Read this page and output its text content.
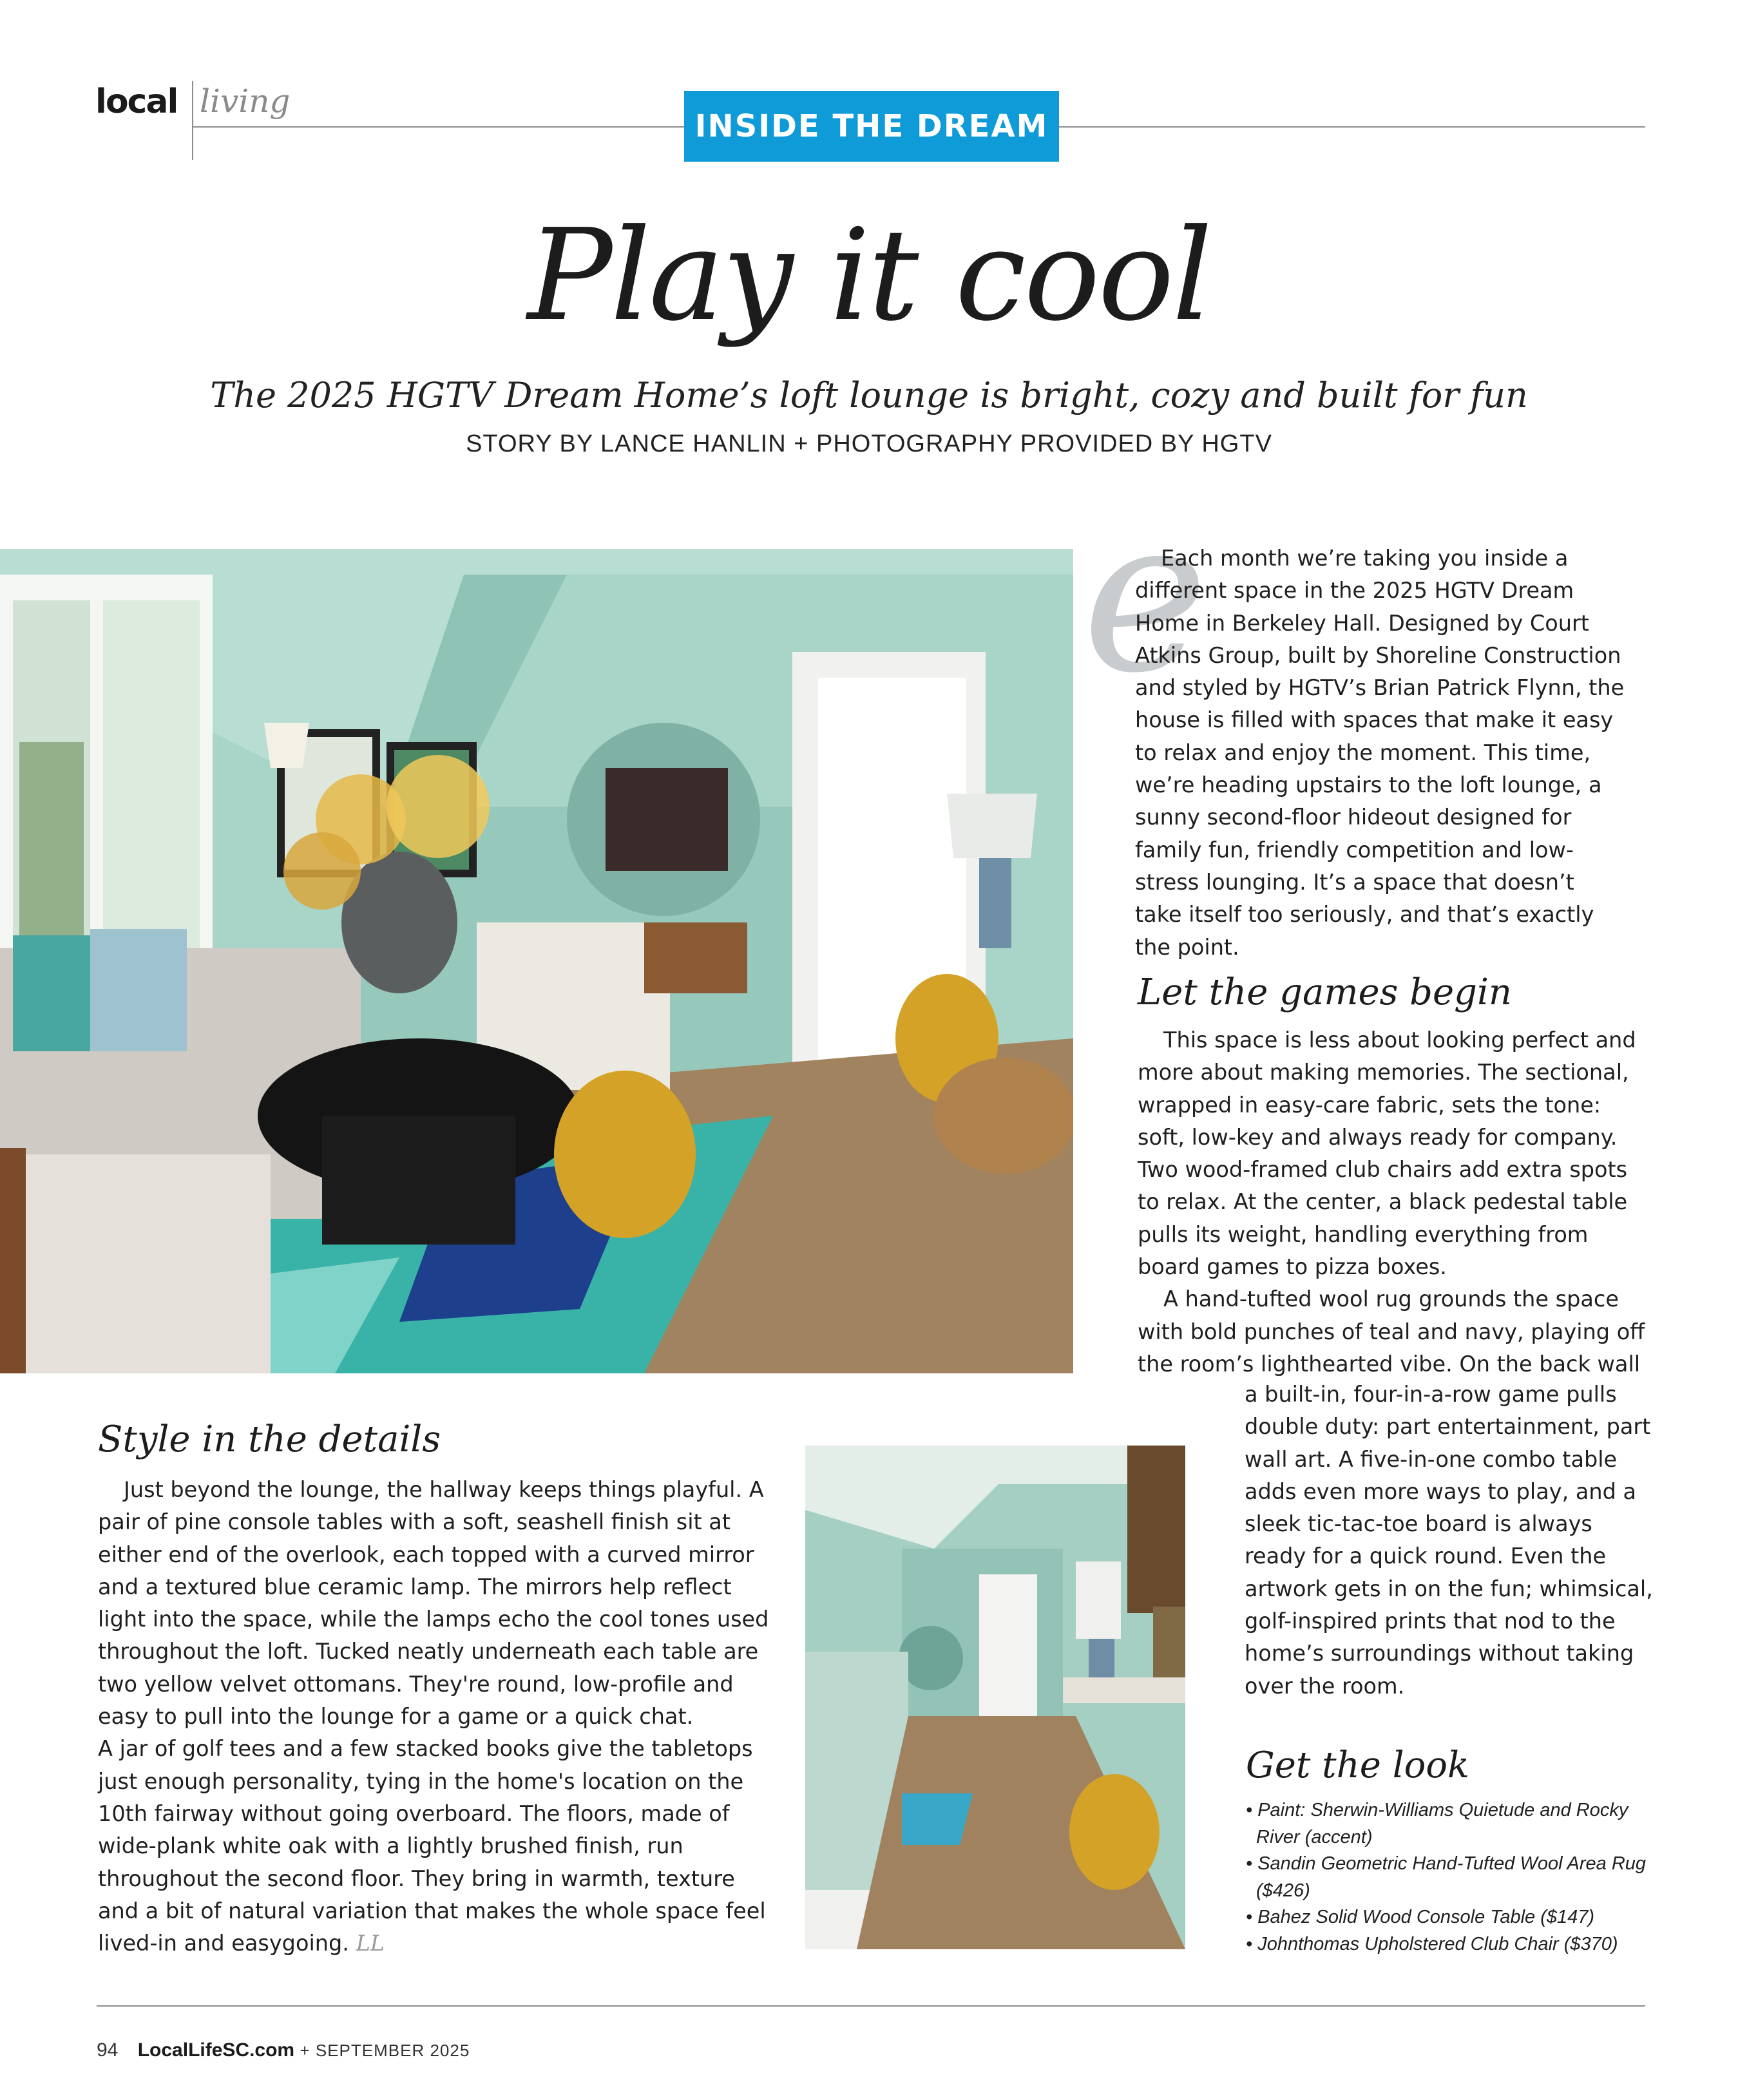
local living
INSIDE THE DREAM
Play it cool
The 2025 HGTV Dream Home’s loft lounge is bright, cozy and built for fun
STORY BY LANCE HANLIN + PHOTOGRAPHY PROVIDED BY HGTV
e

Each month we’re taking you inside a different space in the 2025 HGTV Dream Home in Berkeley Hall. Designed by Court Atkins Group, built by Shoreline Construction and styled by HGTV’s Brian Patrick Flynn, the house is filled with spaces that make it easy to relax and enjoy the moment. This time, we’re heading upstairs to the loft lounge, a sunny second-floor hideout designed for family fun, friendly competition and low-stress lounging. It’s a space that doesn’t take itself too seriously, and that’s exactly the point.

Let the games begin

This space is less about looking perfect and more about making memories. The sectional, wrapped in easy-care fabric, sets the tone: soft, low-key and always ready for company. Two wood-framed club chairs add extra spots to relax. At the center, a black pedestal table pulls its weight, handling everything from board games to pizza boxes.

A hand-tufted wool rug grounds the space with bold punches of teal and navy, playing off the room’s lighthearted vibe. On the back wall

a built-in, four-in-a-row game pulls double duty: part entertainment, part wall art. A five-in-one combo table adds even more ways to play, and a sleek tic-tac-toe board is always ready for a quick round. Even the artwork gets in on the fun; whimsical, golf-inspired prints that nod to the home’s surroundings without taking over the room.

Style in the details

Just beyond the lounge, the hallway keeps things playful. A pair of pine console tables with a soft, seashell finish sit at either end of the overlook, each topped with a curved mirror and a textured blue ceramic lamp. The mirrors help reflect light into the space, while the lamps echo the cool tones used throughout the loft. Tucked neatly underneath each table are two yellow velvet ottomans. They're round, low-profile and easy to pull into the lounge for a game or a quick chat.

A jar of golf tees and a few stacked books give the tabletops just enough personality, tying in the home's location on the 10th fairway without going overboard. The floors, made of wide-plank white oak with a lightly brushed finish, run throughout the second floor. They bring in warmth, texture and a bit of natural variation that makes the whole space feel lived-in and easygoing. LL

Get the look
• Paint: Sherwin-Williams Quietude and Rocky River (accent)
• Sandin Geometric Hand-Tufted Wool Area Rug ($426)
• Bahez Solid Wood Console Table ($147)
• Johnthomas Upholstered Club Chair ($370)
94 LocalLifeSC.com + SEPTEMBER 2025
